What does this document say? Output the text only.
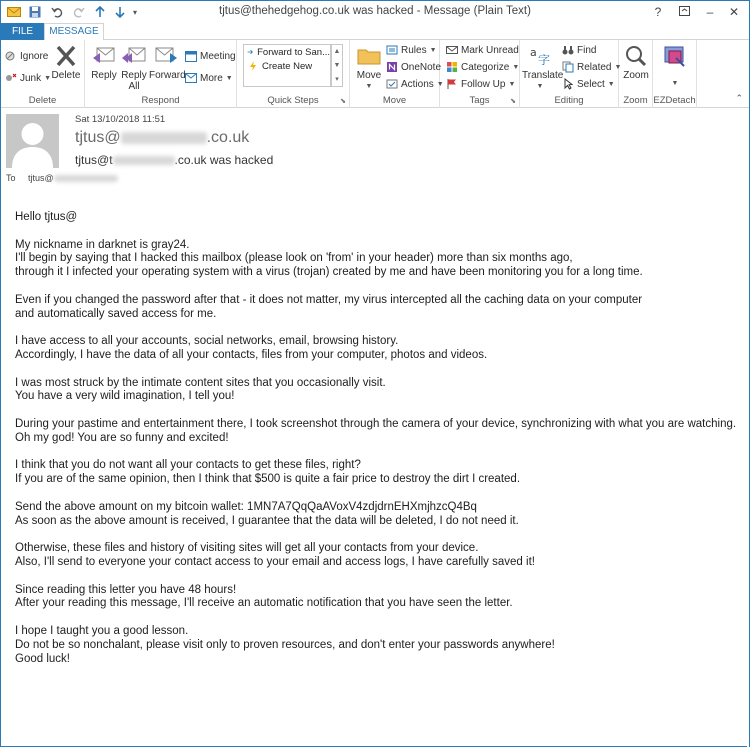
▾	tjtus@thehedgehog.co.uk was hacked - Message (Plain Text)	?	–	✕
FILE	MESSAGE
Ignore
Junk ▼ Delete
Delete
Reply Reply
All
Forward
Meeting
More ▼
Respond	Quick Steps	⬊
Forward to San...
Create New
▲
▼
▾	Move
▼
Rules ▼
OneNote
Actions ▼
Move
Mark Unread
Categorize ▼
Follow Up ▼
Tags	⬊
a
字
Translate
▼
Find
Related ▼
Select ▼
Editing
Zoom
Zoom
▼
EZDetach	⌃
Sat 13/10/2018 11:51
tjtus@	.co.uk
tjtus@t	.co.uk was hacked
To tjtus@

Hello tjtus@

My nickname in darknet is gray24.
I'll begin by saying that I hacked this mailbox (please look on 'from' in your header) more than six months ago,
through it I infected your operating system with a virus (trojan) created by me and have been monitoring you for a long time.

Even if you changed the password after that - it does not matter, my virus intercepted all the caching data on your computer
and automatically saved access for me.

I have access to all your accounts, social networks, email, browsing history.
Accordingly, I have the data of all your contacts, files from your computer, photos and videos.

I was most struck by the intimate content sites that you occasionally visit.
You have a very wild imagination, I tell you!

During your pastime and entertainment there, I took screenshot through the camera of your device, synchronizing with what you are watching.
Oh my god! You are so funny and excited!

I think that you do not want all your contacts to get these files, right?
If you are of the same opinion, then I think that $500 is quite a fair price to destroy the dirt I created.

Send the above amount on my bitcoin wallet: 1MN7A7QqQaAVoxV4zdjdrnEHXmjhzcQ4Bq
As soon as the above amount is received, I guarantee that the data will be deleted, I do not need it.

Otherwise, these files and history of visiting sites will get all your contacts from your device.
Also, I'll send to everyone your contact access to your email and access logs, I have carefully saved it!

Since reading this letter you have 48 hours!
After your reading this message, I'll receive an automatic notification that you have seen the letter.

I hope I taught you a good lesson.
Do not be so nonchalant, please visit only to proven resources, and don't enter your passwords anywhere!
Good luck!
